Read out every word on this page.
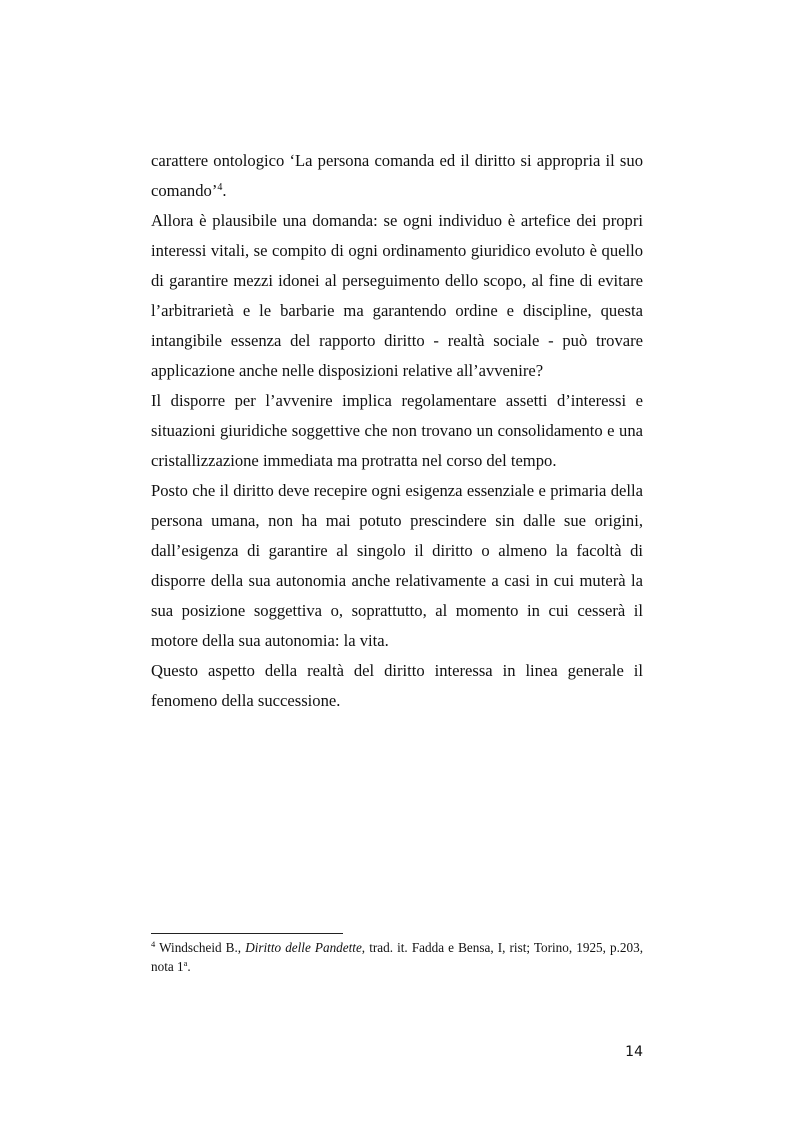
carattere ontologico ‘La persona comanda ed il diritto si appropria il suo comando’$^4$.

Allora è plausibile una domanda: se ogni individuo è artefice dei propri interessi vitali, se compito di ogni ordinamento giuridico evoluto è quello di garantire mezzi idonei al perseguimento dello scopo, al fine di evitare l’arbitrarietà e le barbarie ma garantendo ordine e discipline, questa intangibile essenza del rapporto diritto - realtà sociale - può trovare applicazione anche nelle disposizioni relative all’avvenire?

Il disporre per l’avvenire implica regolamentare assetti d’interessi e situazioni giuridiche soggettive che non trovano un consolidamento e una cristallizzazione immediata ma protratta nel corso del tempo.

Posto che il diritto deve recepire ogni esigenza essenziale e primaria della persona umana, non ha mai potuto prescindere sin dalle sue origini, dall’esigenza di garantire al singolo il diritto o almeno la facoltà di disporre della sua autonomia anche relativamente a casi in cui muterà la sua posizione soggettiva o, soprattutto, al momento in cui cesserà il motore della sua autonomia: la vita.

Questo aspetto della realtà del diritto interessa in linea generale il fenomeno della successione.

$^4$ Windscheid B., Diritto delle Pandette, trad. it. Fadda e Bensa, I, rist; Torino, 1925, p.203, nota 1$^a$.
14
